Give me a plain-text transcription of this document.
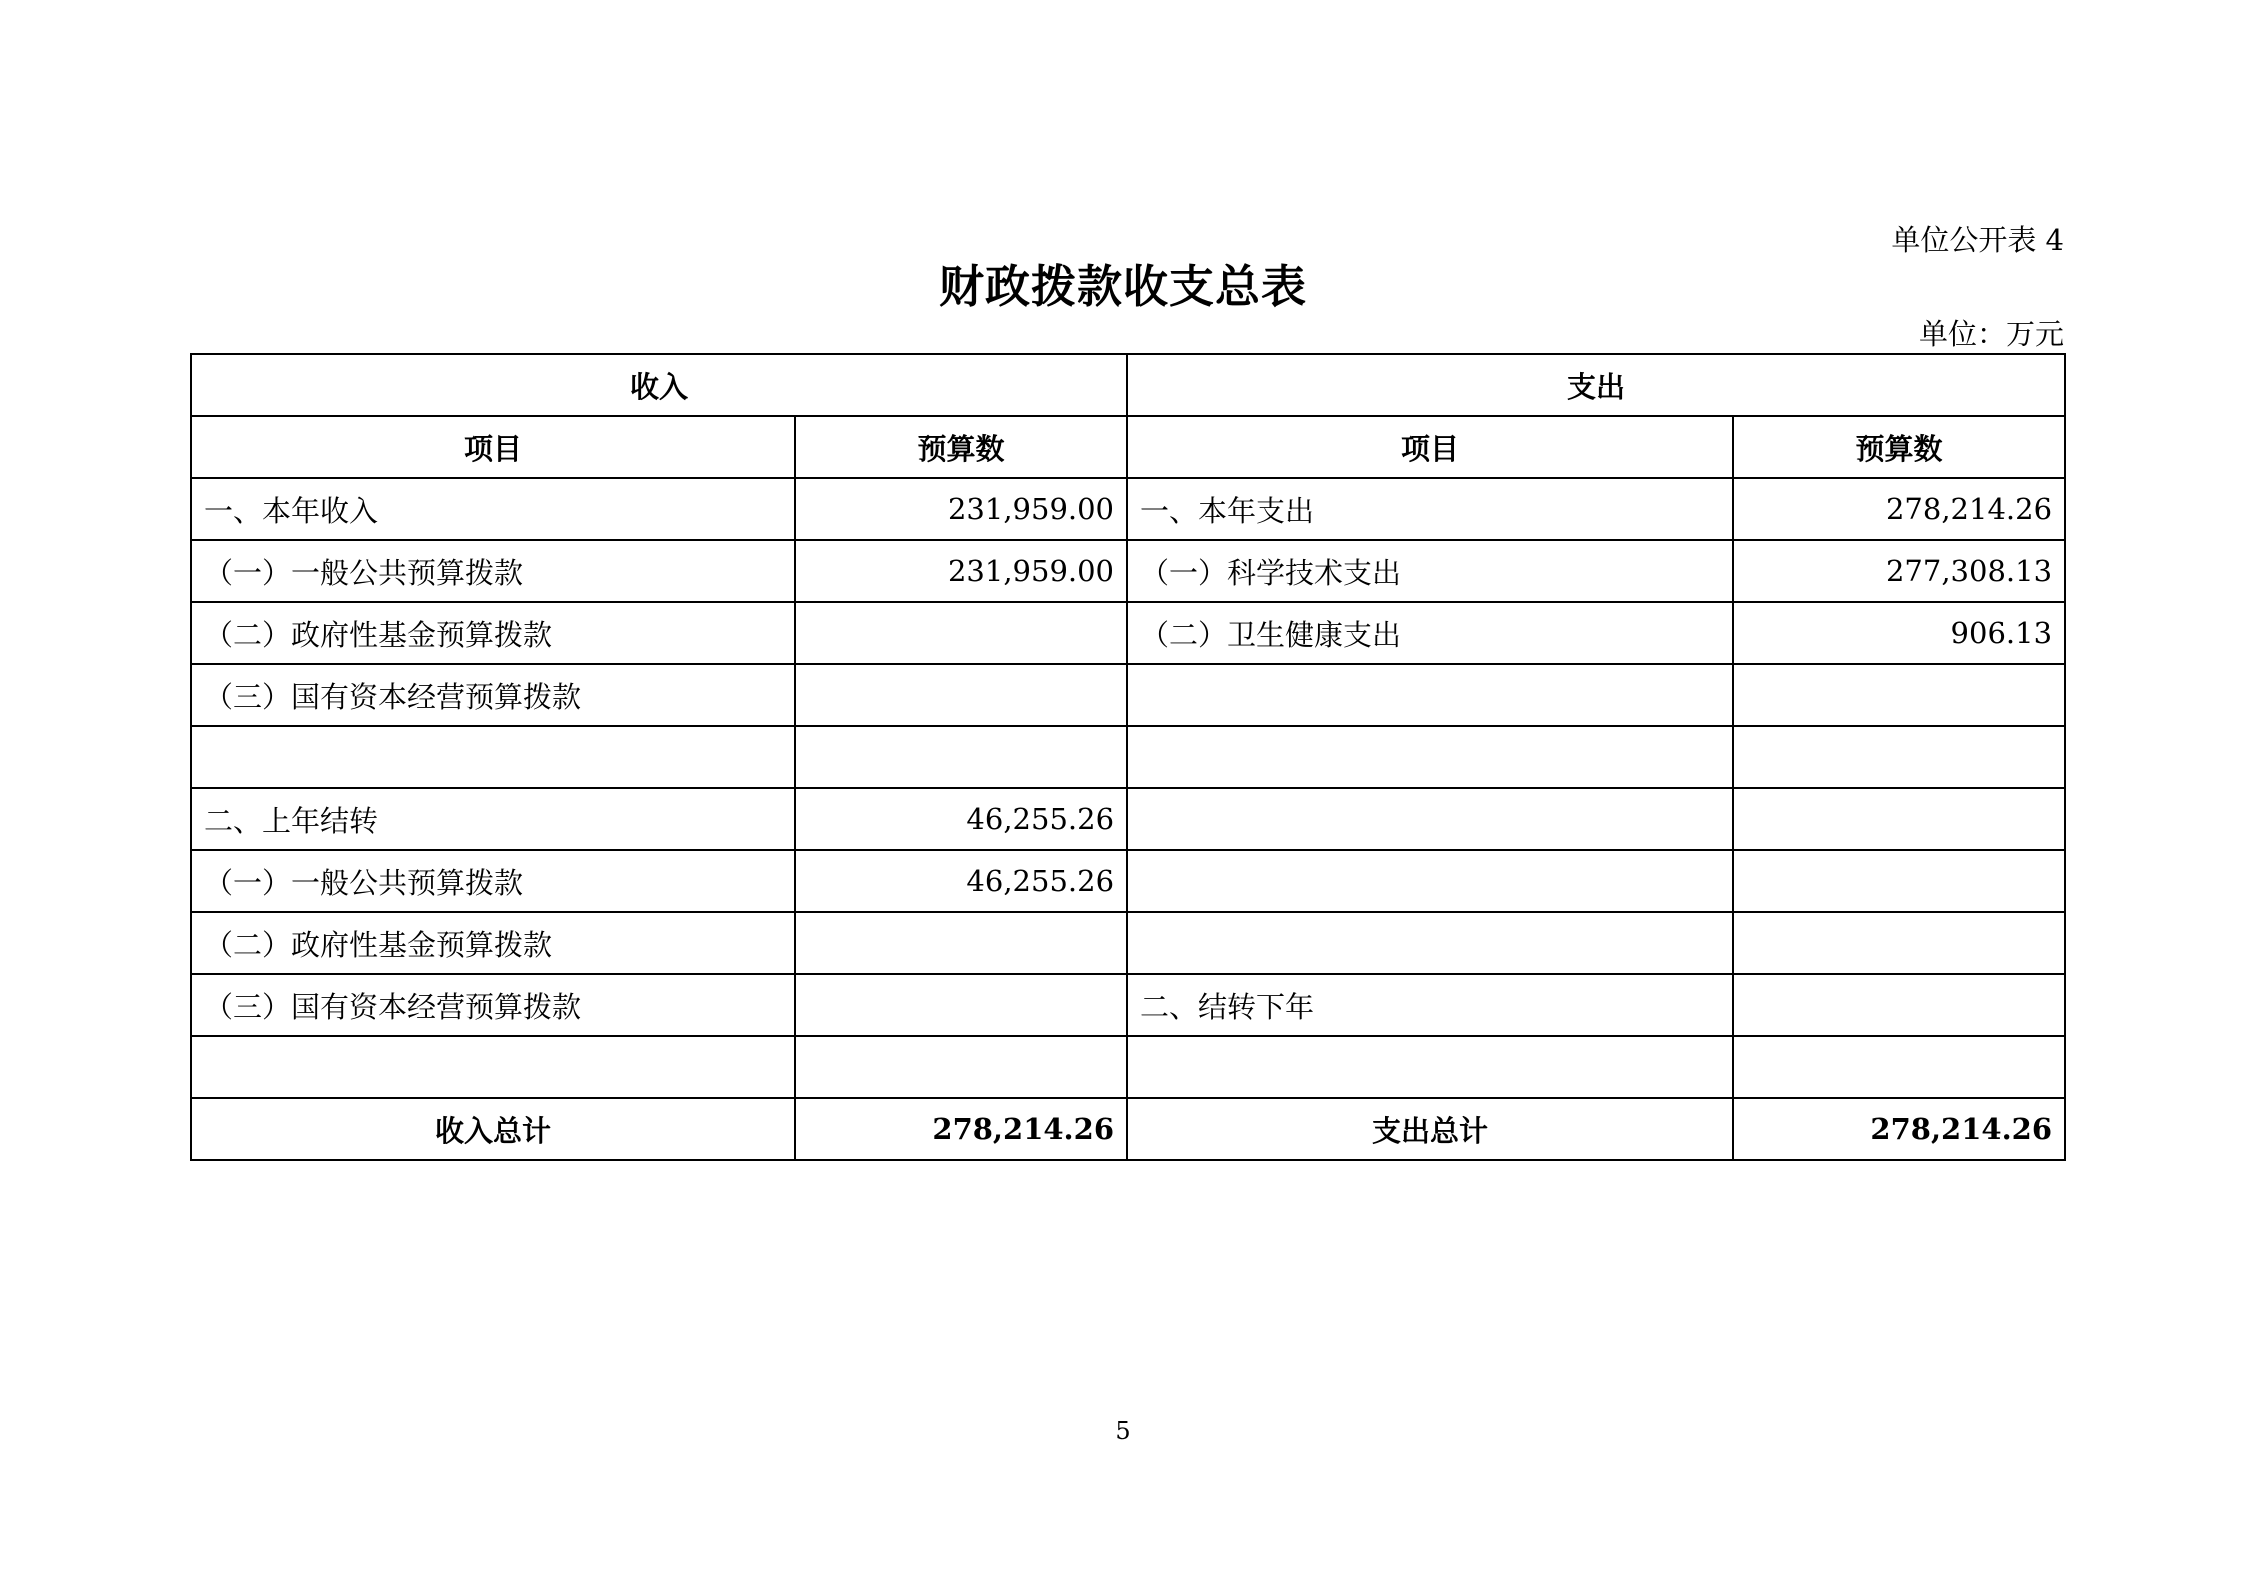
单位公开表 4
财政拨款收支总表
单位：万元
收入		支出	
项目	预算数	项目	预算数
一、本年收入	231,959.00	一、本年支出	278,214.26
（一）一般公共预算拨款	231,959.00	（一）科学技术支出	277,308.13
（二）政府性基金预算拨款		（二）卫生健康支出	906.13
（三）国有资本经营预算拨款			

二、上年结转	46,255.26		
（一）一般公共预算拨款	46,255.26		
（二）政府性基金预算拨款			
（三）国有资本经营预算拨款		二、结转下年	

收入总计	278,214.26	支出总计	278,214.26
5
